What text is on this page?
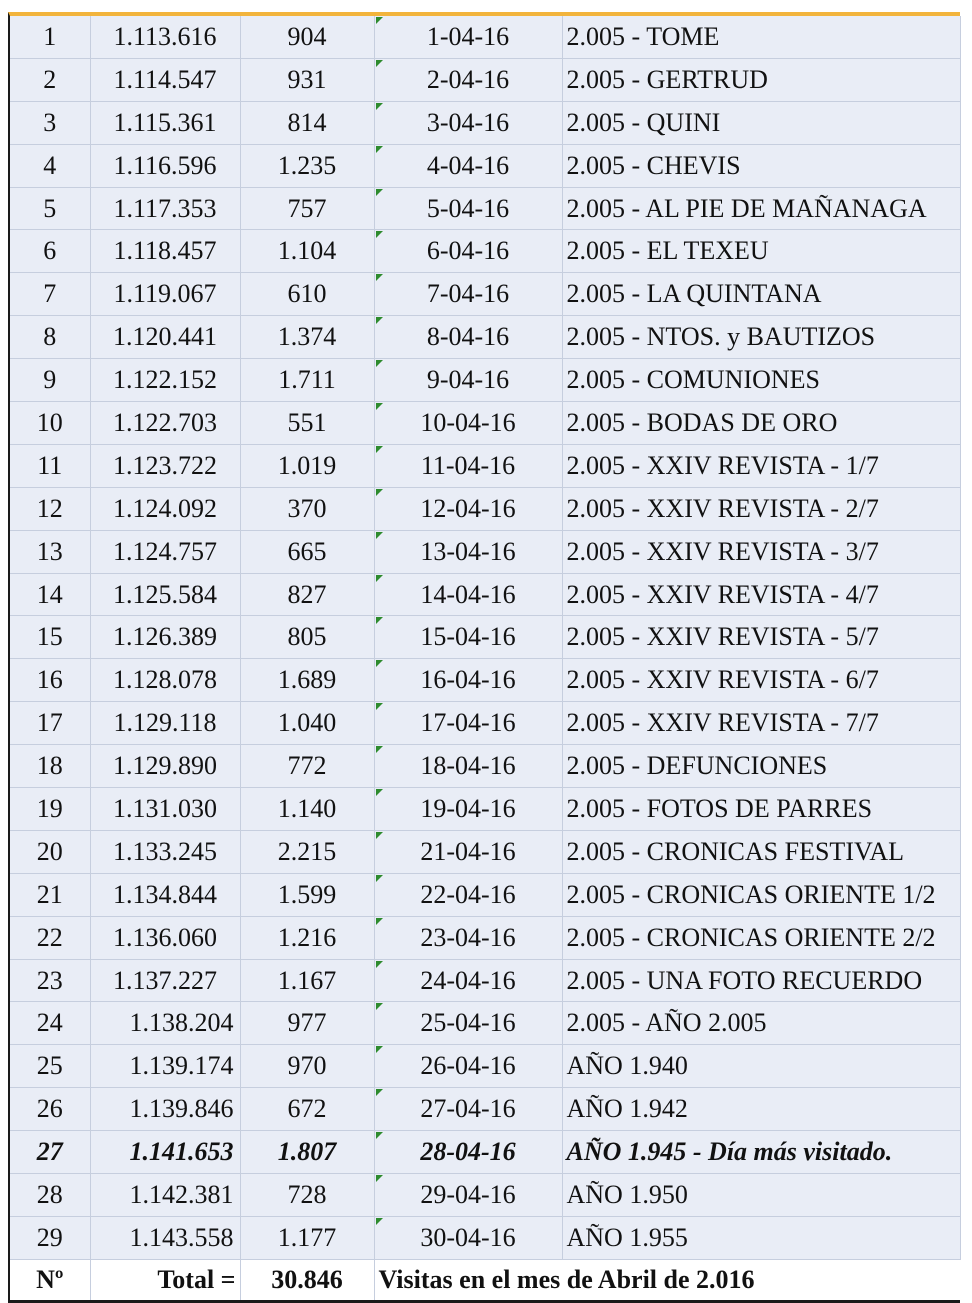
1	1.113.616	904	1-04-16	2.005 - TOME
2	1.114.547	931	2-04-16	2.005 - GERTRUD
3	1.115.361	814	3-04-16	2.005 - QUINI
4	1.116.596	1.235	4-04-16	2.005 - CHEVIS
5	1.117.353	757	5-04-16	2.005 - AL PIE DE MAÑANAGA
6	1.118.457	1.104	6-04-16	2.005 - EL TEXEU
7	1.119.067	610	7-04-16	2.005 - LA QUINTANA
8	1.120.441	1.374	8-04-16	2.005 - NTOS. y BAUTIZOS
9	1.122.152	1.711	9-04-16	2.005 - COMUNIONES
10	1.122.703	551	10-04-16	2.005 - BODAS DE ORO
11	1.123.722	1.019	11-04-16	2.005 - XXIV REVISTA - 1/7
12	1.124.092	370	12-04-16	2.005 - XXIV REVISTA - 2/7
13	1.124.757	665	13-04-16	2.005 - XXIV REVISTA - 3/7
14	1.125.584	827	14-04-16	2.005 - XXIV REVISTA - 4/7
15	1.126.389	805	15-04-16	2.005 - XXIV REVISTA - 5/7
16	1.128.078	1.689	16-04-16	2.005 - XXIV REVISTA - 6/7
17	1.129.118	1.040	17-04-16	2.005 - XXIV REVISTA - 7/7
18	1.129.890	772	18-04-16	2.005 - DEFUNCIONES
19	1.131.030	1.140	19-04-16	2.005 - FOTOS DE PARRES
20	1.133.245	2.215	21-04-16	2.005 - CRONICAS FESTIVAL
21	1.134.844	1.599	22-04-16	2.005 - CRONICAS ORIENTE 1/2
22	1.136.060	1.216	23-04-16	2.005 - CRONICAS ORIENTE 2/2
23	1.137.227	1.167	24-04-16	2.005 - UNA FOTO RECUERDO
24	1.138.204	977	25-04-16	2.005 - AÑO 2.005
25	1.139.174	970	26-04-16	AÑO 1.940
26	1.139.846	672	27-04-16	AÑO 1.942
27	1.141.653	1.807	28-04-16	AÑO 1.945 - Día más visitado.
28	1.142.381	728	29-04-16	AÑO 1.950
29	1.143.558	1.177	30-04-16	AÑO 1.955
Nº	Total =	30.846	Visitas en el mes de Abril de 2.016	
